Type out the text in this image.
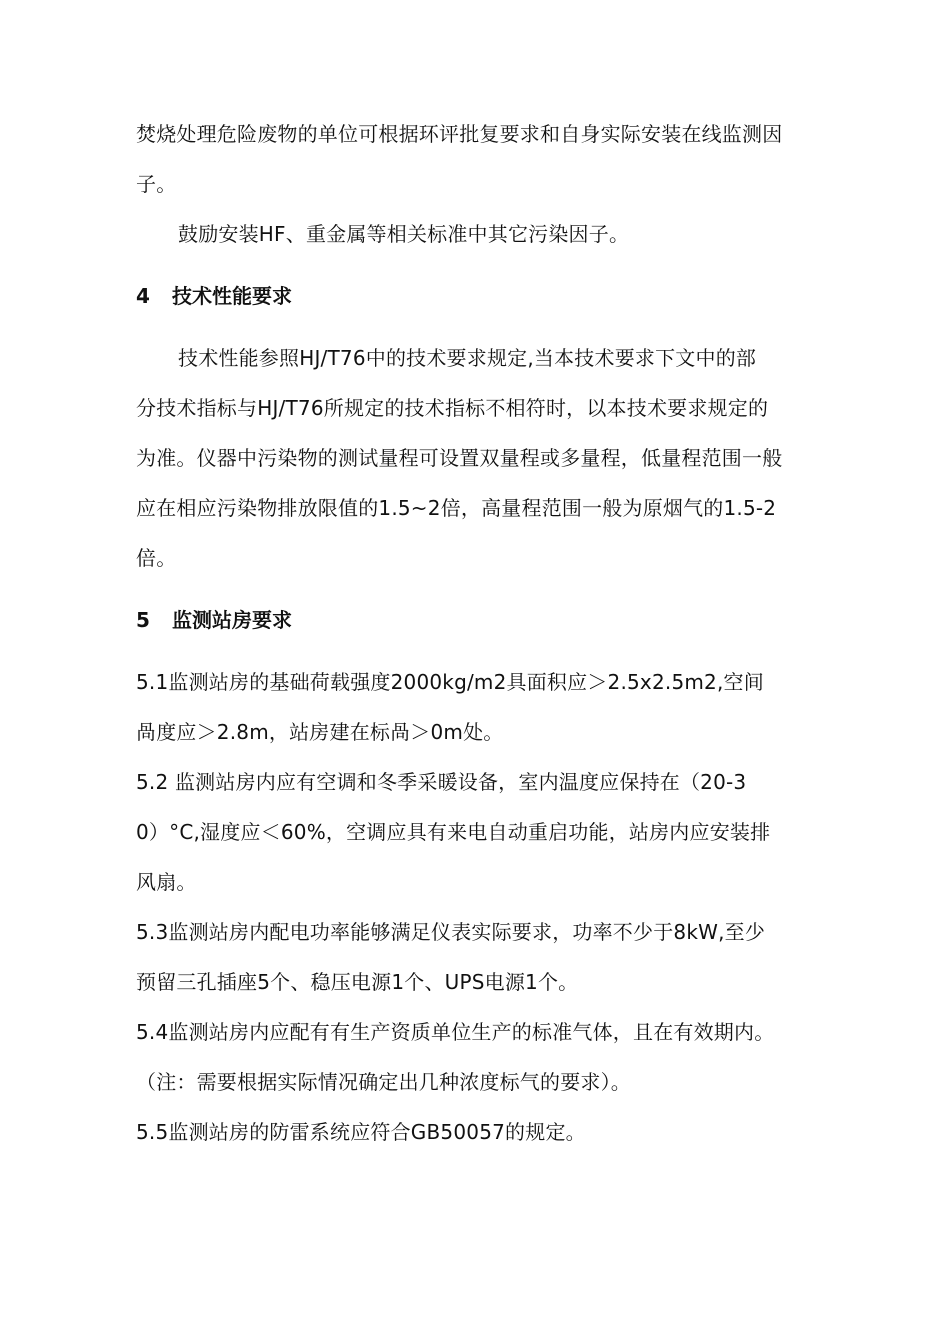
焚烧处理危险废物的单位可根据环评批复要求和自身实际安装在线监测因
子。
鼓励安装HF、重金属等相关标准中其它污染因子。
4 技术性能要求
技术性能参照HJ/T76中的技术要求规定,当本技术要求下文中的部
分技术指标与HJ/T76所规定的技术指标不相符时，以本技术要求规定的
为准。仪器中污染物的测试量程可设置双量程或多量程，低量程范围一般
应在相应污染物排放限值的1.5~2倍，高量程范围一般为原烟气的1.5-2
倍。
5 监测站房要求
5.1监测站房的基础荷载强度2000kg/m2具面积应＞2.5x2.5m2,空间
咼度应＞2.8m，站房建在标咼＞0m处。
5.2 监测站房内应有空调和冬季采暖设备，室内温度应保持在（20-3
0）°C,湿度应＜60%，空调应具有来电自动重启功能，站房内应安装排
风扇。
5.3监测站房内配电功率能够满足仪表实际要求，功率不少于8kW,至少
预留三孔插座5个、稳压电源1个、UPS电源1个。
5.4监测站房内应配有有生产资质单位生产的标准气体，且在有效期内。
（注：需要根据实际情况确定出几种浓度标气的要求）。
5.5监测站房的防雷系统应符合GB50057的规定。
